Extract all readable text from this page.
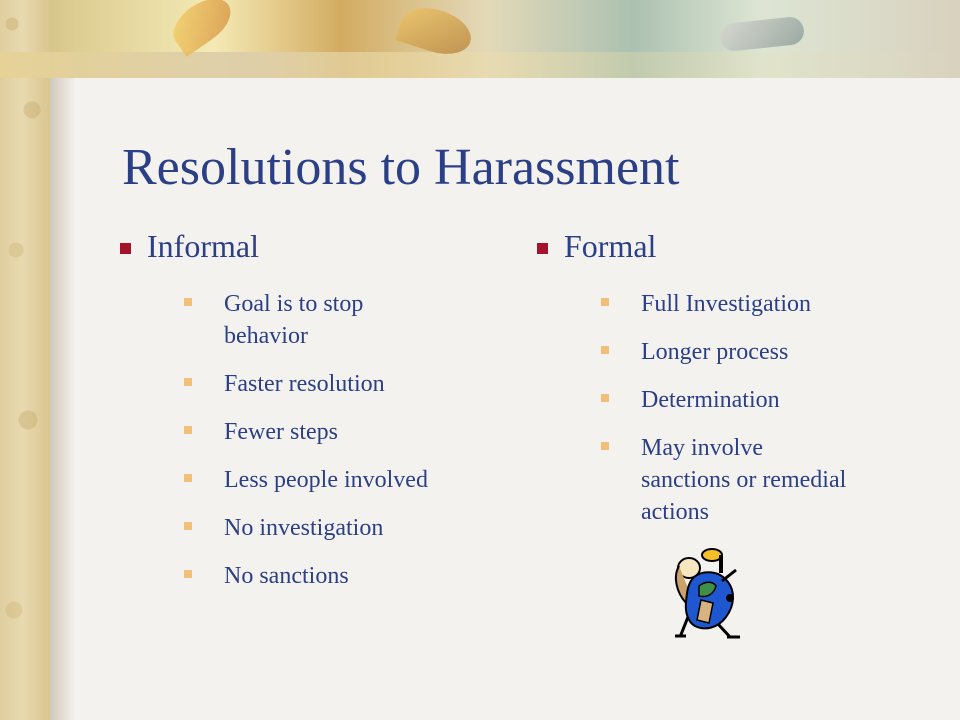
Resolutions to Harassment
Informal
Goal is to stop behavior
Faster resolution
Fewer steps
Less people involved
No investigation
No sanctions
Formal
Full Investigation
Longer process
Determination
May involve sanctions or remedial actions
